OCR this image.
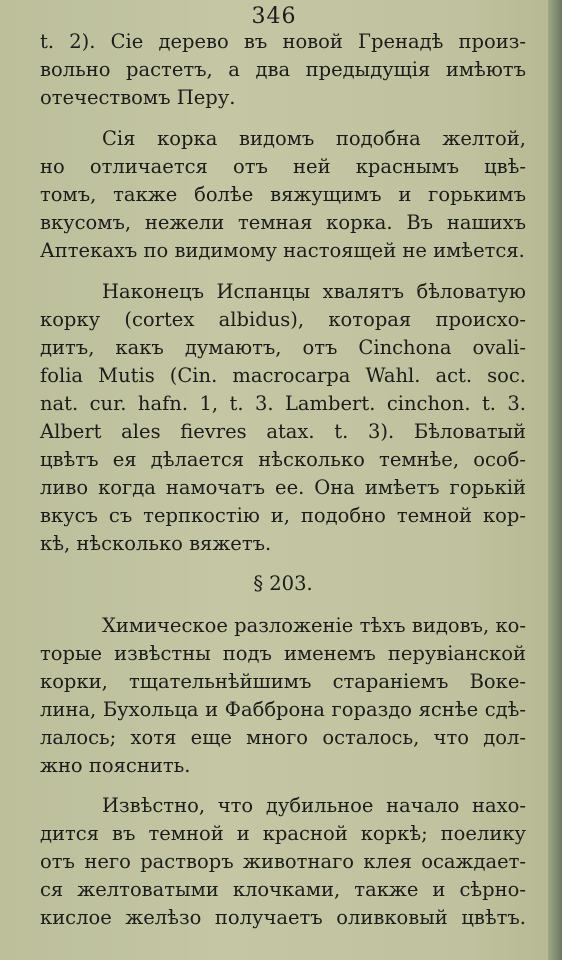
346
t. 2). Сіе дерево въ новой Гренадѣ произ-
вольно растетъ, а два предыдущія имѣютъ
отечествомъ Перу.
Сія корка видомъ подобна желтой,
но отличается отъ ней краснымъ цвѣ-
томъ, также болѣе вяжущимъ и горькимъ
вкусомъ, нежели темная корка. Въ нашихъ
Аптекахъ по видимому настоящей не имѣется.
Наконецъ Испанцы хвалятъ бѣловатую
корку (cortex albidus), которая происхо-
дитъ, какъ думаютъ, отъ Cinchona ovali-
folia Mutis (Cin. macrocarpa Wahl. act. soc.
nat. cur. hafn. 1, t. 3. Lambert. cinchon. t. 3.
Albert ales fievres atax. t. 3). Бѣловатый
цвѣтъ ея дѣлается нѣсколько темнѣе, особ-
ливо когда намочатъ ее. Она имѣетъ горькій
вкусъ съ терпкостію и, подобно темной кор-
кѣ, нѣсколько вяжетъ.
§ 203.
Химическое разложеніе тѣхъ видовъ, ко-
торые извѣстны подъ именемъ перувіанской
корки, тщательнѣйшимъ стараніемъ Воке-
лина, Бухольца и Фабброна гораздо яснѣе сдѣ-
лалось; хотя еще много осталось, что дол-
жно пояснить.
Извѣстно, что дубильное начало нахо-
дится въ темной и красной коркѣ; поелику
отъ него растворъ животнаго клея осаждает-
ся желтоватыми клочками, также и сѣрно-
кислое желѣзо получаетъ оливковый цвѣтъ.
